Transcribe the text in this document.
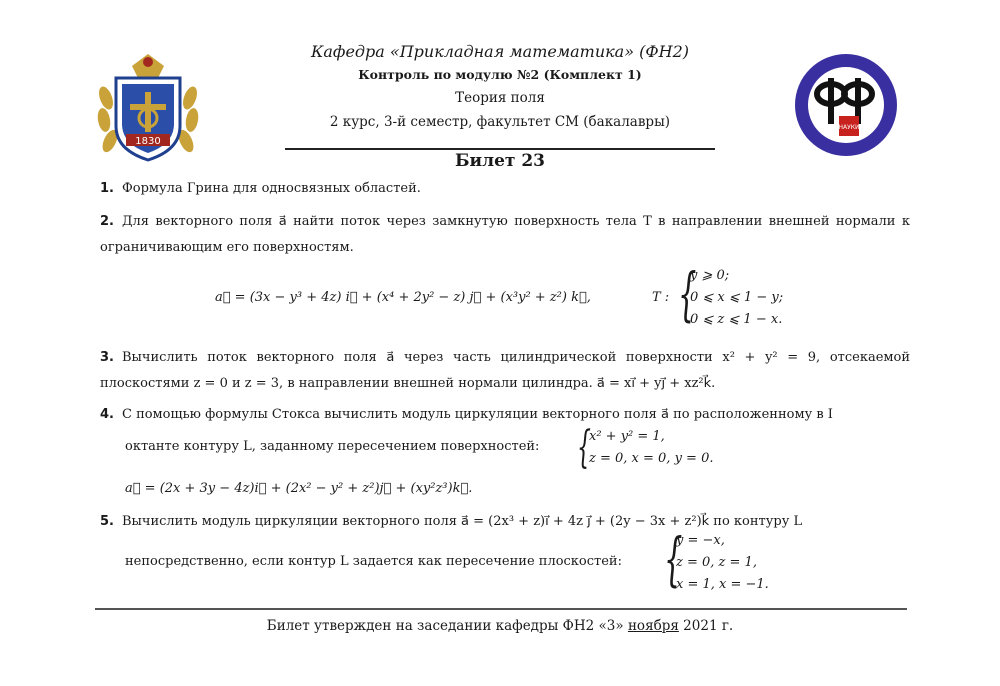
1830
Кафедра «Прикладная математика» (ФН2)
Контроль по модулю №2 (Комплект 1)
Теория поля
2 курс, 3-й семестр, факультет СМ (бакалавры)	НАУКИ
Билет 23
1. Формула Грина для односвязных областей.
2. Для векторного поля a⃗ найти поток через замкнутую поверхность тела T в направлении внешней нормали к ограничивающим его поверхностям.
a⃗ = (3x − y³ + 4z) i⃗ + (x⁴ + 2y² − z) j⃗ + (x³y² + z²) k⃗,	T : {
y ⩾ 0;
0 ⩽ x ⩽ 1 − y;
0 ⩽ z ⩽ 1 − x.
3. Вычислить поток векторного поля a⃗ через часть цилиндрической поверхности x² + y² = 9, отсекаемой плоскостями z = 0 и z = 3, в направлении внешней нормали цилиндра. a⃗ = xi⃗ + yj⃗ + xz²k⃗.
4. С помощью формулы Стокса вычислить модуль циркуляции векторного поля a⃗ по расположенному в I
октанте контуру L, заданному пересечением поверхностей: {
x² + y² = 1,
z = 0, x = 0, y = 0.
a⃗ = (2x + 3y − 4z)i⃗ + (2x² − y² + z²)j⃗ + (xy²z³)k⃗.
5. Вычислить модуль циркуляции векторного поля a⃗ = (2x³ + z)i⃗ + 4z j⃗ + (2y − 3x + z²)k⃗ по контуру L
непосредственно, если контур L задается как пересечение плоскостей: {
y = −x,
z = 0, z = 1,
x = 1, x = −1.
Билет утвержден на заседании кафедры ФН2 «3» ноября 2021 г.
